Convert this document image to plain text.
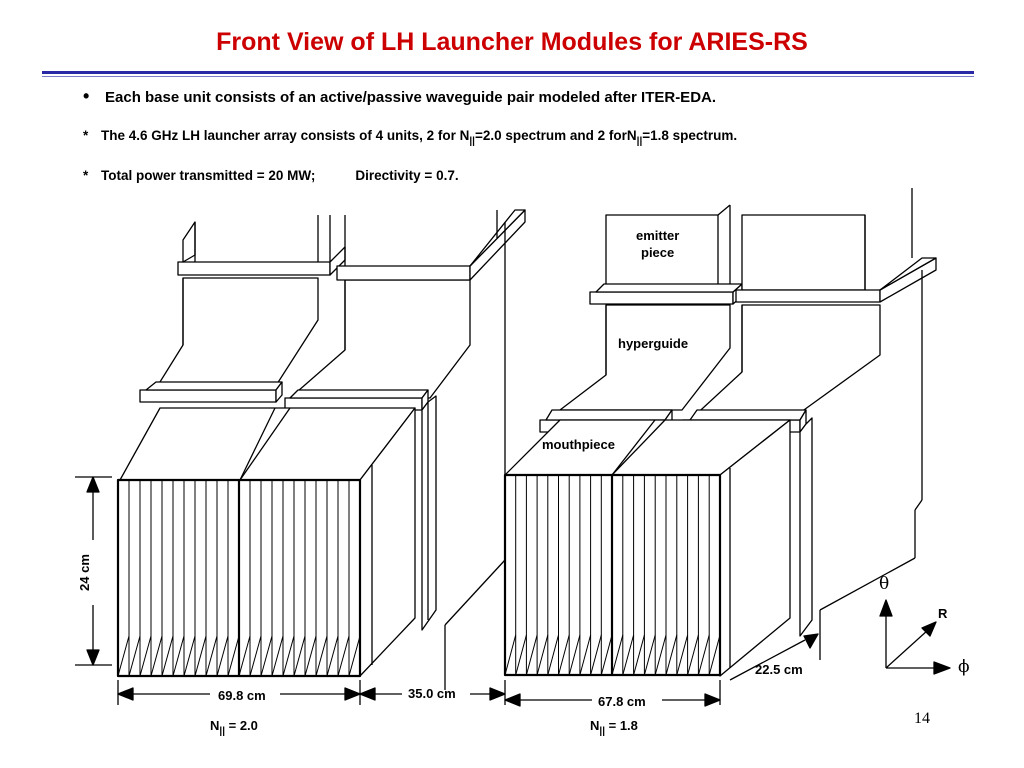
Front View of LH Launcher Modules for ARIES-RS
• Each base unit consists of an active/passive waveguide pair modeled after ITER-EDA.
* The 4.6 GHz LH launcher array consists of 4 units, 2 for $N_{||}=2.0$ spectrum and 2 forN$_{||}$=1.8 spectrum.
* Total power transmitted = 20 MW;	Directivity = 0.7.
emitter
piece
hyperguide
mouthpiece
24 cm
69.8 cm	35.0 cm
67.8 cm
22.5 cm
$N_{||} = 2.0$	$N_{||} = 1.8$
θ
R
ϕ
14
